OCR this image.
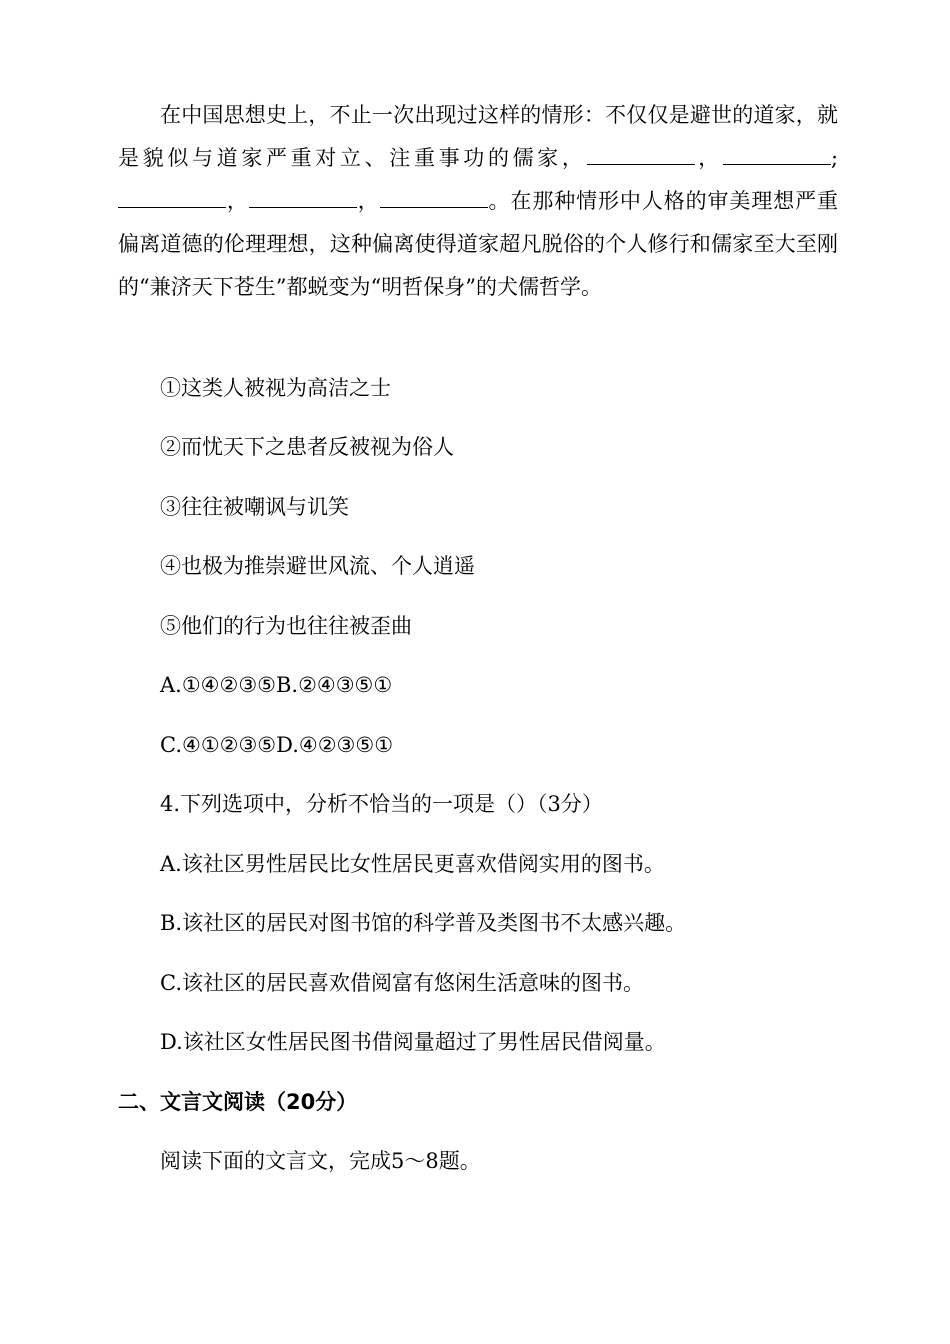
在中国思想史上，不止一次出现过这样的情形：不仅仅是避世的道家，就是貌似与道家严重对立、注重事功的儒家，	，	;，	，	。在那种情形中人格的审美理想严重偏离道德的伦理理想，这种偏离使得道家超凡脱俗的个人修行和儒家至大至刚的“兼济天下苍生”都蜕变为“明哲保身”的犬儒哲学。

①这类人被视为高洁之士

②而忧天下之患者反被视为俗人

③往往被嘲讽与讥笑

④也极为推崇避世风流、个人逍遥

⑤他们的行为也往往被歪曲

A.①④②③⑤B.②④③⑤①

C.④①②③⑤D.④②③⑤①

4.下列选项中，分析不恰当的一项是（）（3分）

A.该社区男性居民比女性居民更喜欢借阅实用的图书。

B.该社区的居民对图书馆的科学普及类图书不太感兴趣。

C.该社区的居民喜欢借阅富有悠闲生活意味的图书。

D.该社区女性居民图书借阅量超过了男性居民借阅量。

二、文言文阅读（20分）

阅读下面的文言文，完成5～8题。
